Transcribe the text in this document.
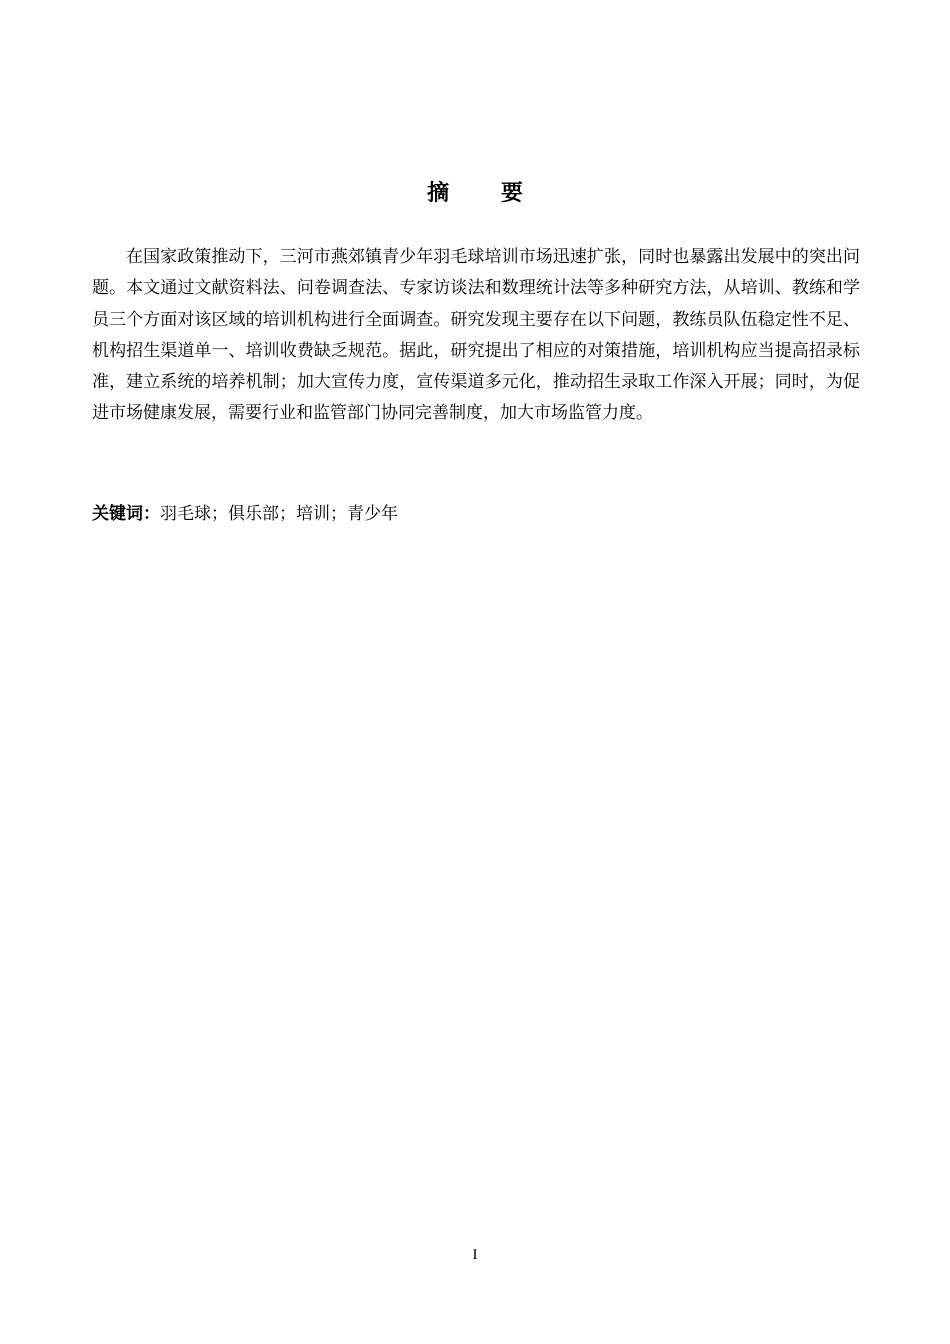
摘 要

在国家政策推动下，三河市燕郊镇青少年羽毛球培训市场迅速扩张，同时也暴露出发展中的突出问题。本文通过文献资料法、问卷调查法、专家访谈法和数理统计法等多种研究方法，从培训、教练和学员三个方面对该区域的培训机构进行全面调查。研究发现主要存在以下问题，教练员队伍稳定性不足、机构招生渠道单一、培训收费缺乏规范。据此，研究提出了相应的对策措施，培训机构应当提高招录标准，建立系统的培养机制；加大宣传力度，宣传渠道多元化，推动招生录取工作深入开展；同时，为促进市场健康发展，需要行业和监管部门协同完善制度，加大市场监管力度。

关键词：羽毛球；俱乐部；培训；青少年
I
